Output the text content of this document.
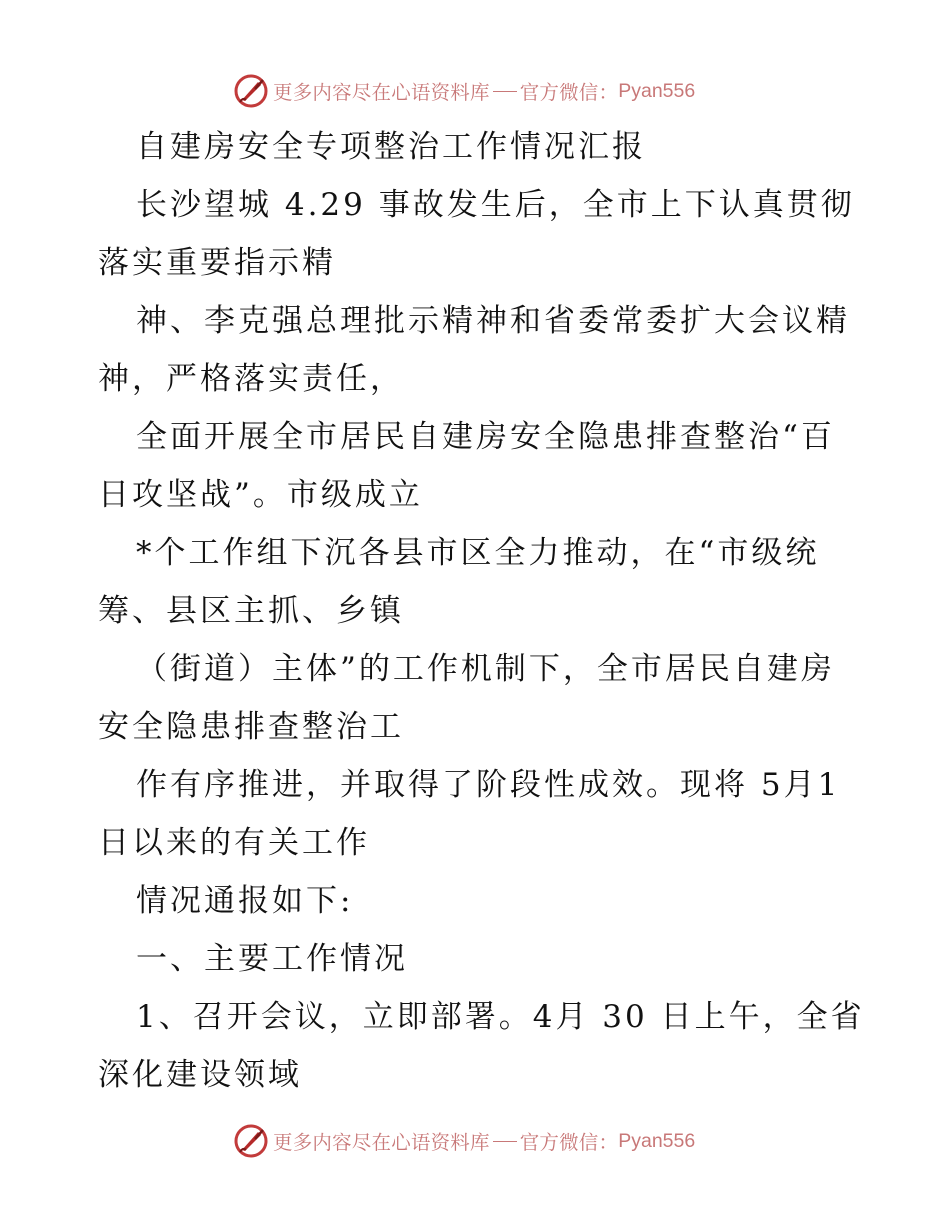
更多内容尽在心语资料库 官方微信： Pyan556
自建房安全专项整治工作情况汇报
长沙望城 4.29 事故发生后，全市上下认真贯彻
落实重要指示精
神、李克强总理批示精神和省委常委扩大会议精
神，严格落实责任，
全面开展全市居民自建房安全隐患排查整治“百
日攻坚战”。市级成立
*个工作组下沉各县市区全力推动，在“市级统
筹、县区主抓、乡镇
（街道）主体”的工作机制下，全市居民自建房
安全隐患排查整治工
作有序推进，并取得了阶段性成效。现将 5月1
日以来的有关工作
情况通报如下:
一、主要工作情况
1、召开会议，立即部署。4月 30 日上午，全省
深化建设领域
更多内容尽在心语资料库 官方微信： Pyan556
